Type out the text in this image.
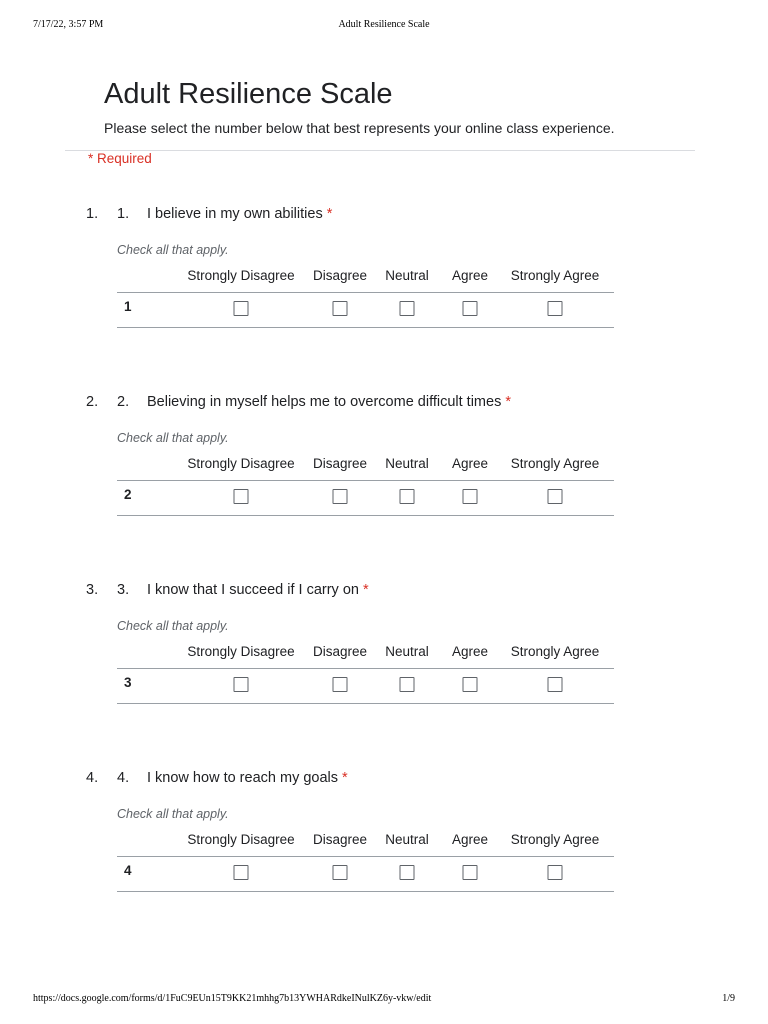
7/17/22, 3:57 PM	Adult Resilience Scale
Adult Resilience Scale
Please select the number below that best represents your online class experience.
* Required
1. 1. I believe in my own abilities *
Check all that apply.
Strongly Disagree Disagree Neutral Agree Strongly Agree
1
2. 2. Believing in myself helps me to overcome difficult times *
Check all that apply.
Strongly Disagree Disagree Neutral Agree Strongly Agree
2
3. 3. I know that I succeed if I carry on *
Check all that apply.
Strongly Disagree Disagree Neutral Agree Strongly Agree
3
4. 4. I know how to reach my goals *
Check all that apply.
Strongly Disagree Disagree Neutral Agree Strongly Agree
4
https://docs.google.com/forms/d/1FuC9EUn15T9KK21mhhg7b13YWHARdkeINulKZ6y-vkw/edit	1/9
